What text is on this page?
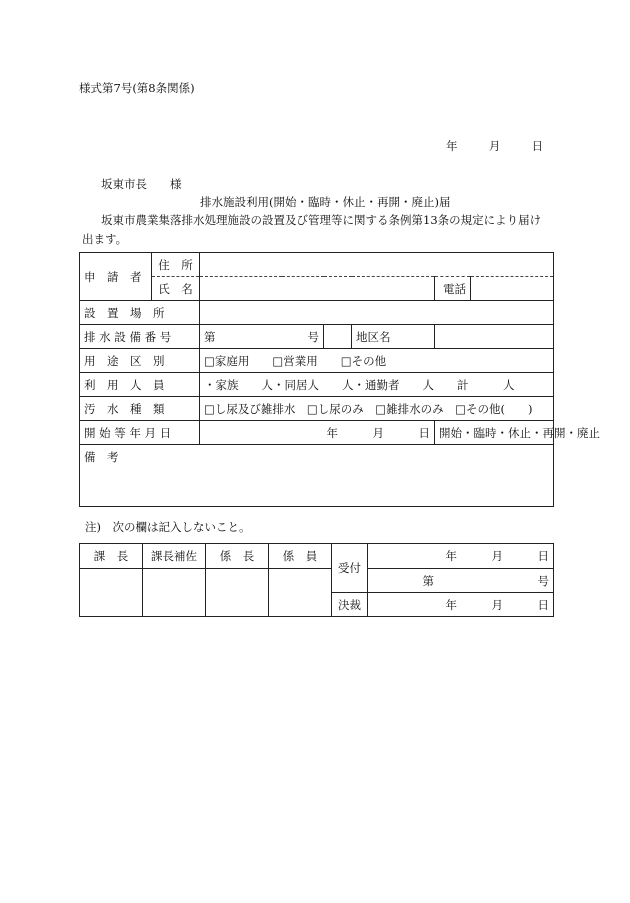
様式第7号(第8条関係)
年	月	日
坂東市長　　様
排水施設利用(開始・臨時・休止・再開・廃止)届
坂東市農業集落排水処理施設の設置及び管理等に関する条例第13条の規定により届け
出ます。
申　請　者	住　所					
	氏　名				電話	
設　置　場　所						
排 水 設 備 番 号		第 号		地区名		
用　途　区　別		□家庭用　　□営業用　　□その他				
利　用　人　員		・家族　　人・同居人　　人・通勤者　　人　　計　　　人				
汚　水　種　類		□し尿及び雑排水　□し尿のみ　□雑排水のみ　□その他(　　)				
開 始 等 年 月 日		年　　　月　　　日			開始・臨時・休止・再開・廃止	
備　考						
注)　次の欄は記入しないこと。
課　長	課長補佐	係　長	係　員	受付	年　　　月　　　日
					第　　　　　　　　　号
				決裁	年　　　月　　　日
